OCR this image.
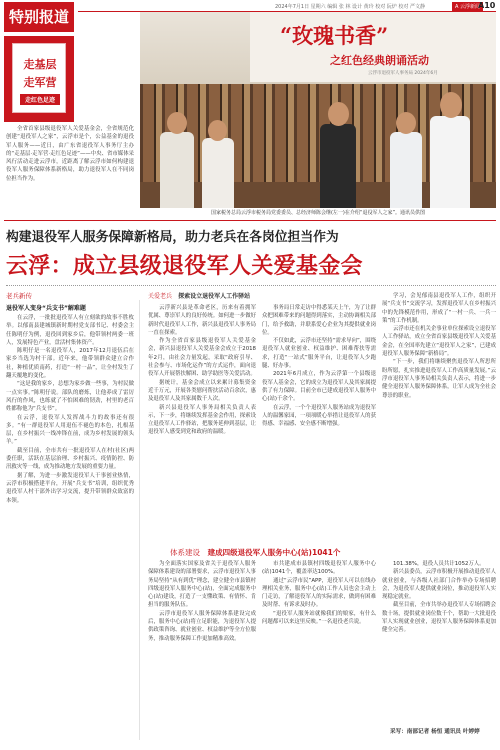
特别报道
2024年7月1日 星期六 编辑 张 林 设计 黄玲 校对 阮炉 校对 严文静	A 云浮新闻
A10
走基层
走军营
走红色足迹
全省首家县级退役军人关爱基金会，全省规范化创建“退役军人之家”，云浮市是个，公益基金的退役军人服务——近日，由广东省退役军人事务厅主办的“走基层·走军营·走红色足迹”——中央、省市媒体采风行活动走进云浮市，近距离了解云浮市如何构建退役军人服务保障体系新格局，助力退役军人在不同岗位担当作为。
“玫瑰书香”
之红色经典朗诵活动
云浮市退役军人事务局 2024年6月
国家税务总局云浮市税务局党委委员、总经济师陈会继(左一)在介绍“退役军人之家”。通讯员供图
构建退役军人服务保障新格局，助力老兵在各岗位担当作为
云浮：成立县级退役军人关爱基金会
老兵新传
退役军人变身“兵支书”解难题

在云浮，一批批退役军人有立刻欲的故事不胜枚举。以郁南县建城镇新时期村党支部书记、村委会主任陈明仔为例，退役回到家乡后，他带领村两委一班人，发展特色产业，盘活村集体资产。

陈明仔是一名退役军人，2017年12月退伍后在家乡当选为村干部。近年来，他带领群众建立合作社，种植优质南药，打造“一村一品”，让全村发生了翻天覆地的变化。

“这是我的家乡，总想为家乡做一些事，为村民做一点实事。”陈明仔说。部队的磨炼，让他养成了雷厉风行的作风，也练就了不怕困难的韧劲，村里的老百姓都称他为“兵支书”。

在云浮，退役军人发挥战斗力的故事还有很多。“有一群退役军人用退伍不褪色的本色，扎根基层，在乡村振兴一线冲锋在前，成为乡村发展的领头羊。”

截至目前，全市共有一批退役军人在村(社区)两委任职，活跃在基层治理、乡村振兴、疫情防控、防汛救灾等一线，成为推动地方发展的重要力量。

据了解，为进一步激发退役军人干事创业热情，云浮市积极搭建平台，开展“兵支书”培训，组织优秀退役军人村干部外出学习交流，提升带领群众致富的本领。

关爱老兵 探索设立退役军人工作驿站

云浮新兴县是革命老区，历来有着拥军优属、尊崇军人的良好传统。如何进一步做好新时代退役军人工作，新兴县退役军人事务局一直在探索。

作为全省首家县级退役军人关爱基金会，新兴县退役军人关爱基金会成立于2018年2月，由社会力量发起，采取“政府引导、社会参与、市场化运作”的方式运作，面向退役军人开展帮扶解困、助学助医等关爱活动。

据统计，基金会成立以来累计募集资金近千万元，开展各类慰问帮扶活动百余次，惠及退役军人及其家属数千人次。

新兴县退役军人事务局相关负责人表示，下一步，将继续发挥基金会作用，探索设立退役军人工作驿站，把服务延伸到基层，让退役军人感受到党和政府的温暖。

事务局日常走访中得悉某天上午，为了让群众把困难带来的问题得到落实，主动协调相关部门，给予救助，并联系爱心企业为其提供就业岗位。

不仅如此，云浮市还坚持“需求导向”，围绕退役军人就业创业、权益维护、困难帮扶等需求，打造“一站式”服务平台，让退役军人少跑腿、好办事。

2021年6月成立，作为云浮第一个县级退役军人基金会，它的成立为退役军人及其家属提供了有力保障。目前全市已建成退役军人服务中心(站)千余个。

在云浮，一个个退役军人服务站成为退役军人的温馨家园，一项项暖心举措让退役军人的获得感、幸福感、安全感不断增强。

学习，会见郁南县退役军人工作，组织开展“兵支书”交流学习，发挥退役军人在乡村振兴中的先锋模范作用，形成了“一村一兵、一兵一策”的工作机制。

云浮市还在机关企事业单位探索设立退役军人工作驿站，成立全省首家县级退役军人关爱基金会，在全国率先建立“退役军人之家”，已建成退役军人服务保障“新格局”。

“下一步，我们将继续聚焦退役军人所思所盼所愿，扎实推进退役军人工作高质量发展。”云浮市退役军人事务局相关负责人表示，将进一步健全退役军人服务保障体系，让军人成为全社会尊崇的职业。

体系建设 建成四级退役军人服务中心(站)1041个

为全面落实国家及省关于退役军人服务保障体系建设的部署要求，云浮市退役军人事务局坚持“从有到优”理念，建立健全市县镇村四级退役军人服务中心(站)，全面完成服务中心(站)建设，打造了一支懂政策、有情怀、肯担当的服务队伍。

云浮市退役军人服务保障体系建设完成后，服务中心(站)将立足职能，为退役军人提供政策咨询、就业创业、权益维护等全方位服务，推动服务保障工作更加精准高效。

市共建成市县镇村四级退役军人服务中心(站)1041个，覆盖率达100%。

通过“云浮市民”APP，退役军人可以在线办理相关业务，服务中心(站)工作人员也会主动上门走访，了解退役军人的实际需求，做到有困难及时帮、有诉求及时办。

“退役军人服务站就像我们的娘家，有什么问题都可以来这里反映。”一名退役老兵说。

101.38%，退役人员共计1052万人。

新兴县委员，云浮市积极开展推动退役军人就业创业，与各级人社部门合作举办专场招聘会，为退役军人提供就业岗位，推动退役军人实现稳定就业。

截至目前，全市共举办退役军人专场招聘会数十场，提供就业岗位数千个，帮助一大批退役军人实现就业创业，退役军人服务保障体系更加健全完善。

采写：南部记者 杨恒 通讯员 叶婷婷
